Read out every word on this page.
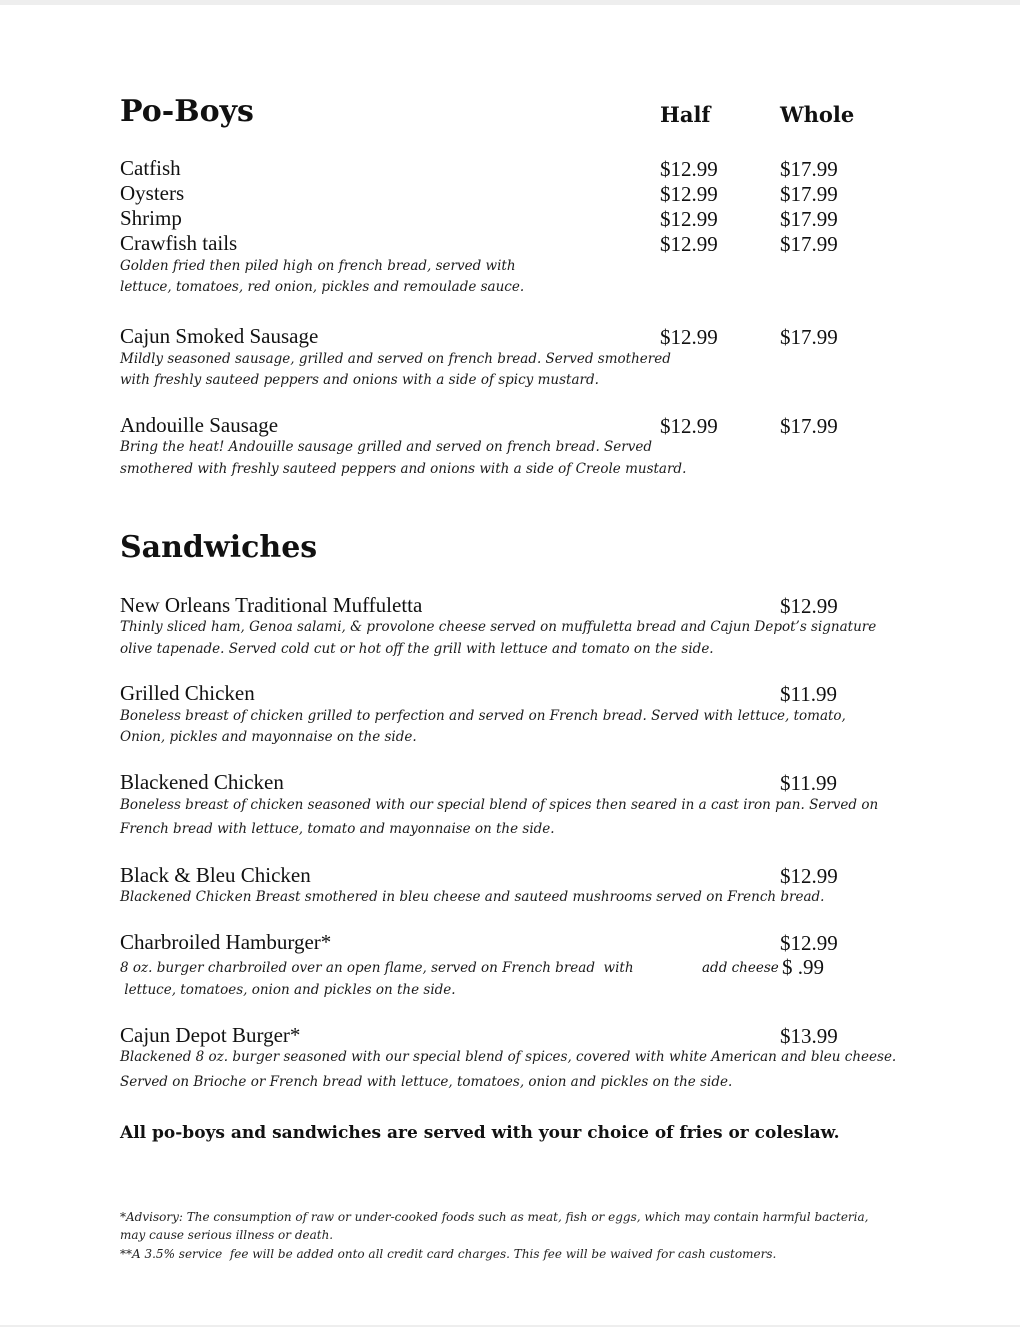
Po-Boys	Half	Whole
Catfish	$12.99	$17.99
Oysters	$12.99	$17.99
Shrimp	$12.99	$17.99
Crawfish tails	$12.99	$17.99
Golden fried then piled high on french bread, served with
lettuce, tomatoes, red onion, pickles and remoulade sauce.
Cajun Smoked Sausage	$12.99	$17.99
Mildly seasoned sausage, grilled and served on french bread. Served smothered
with freshly sauteed peppers and onions with a side of spicy mustard.
Andouille Sausage	$12.99	$17.99
Bring the heat! Andouille sausage grilled and served on french bread. Served
smothered with freshly sauteed peppers and onions with a side of Creole mustard.
Sandwiches
New Orleans Traditional Muffuletta	$12.99
Thinly sliced ham, Genoa salami, & provolone cheese served on muffuletta bread and Cajun Depot’s signature
olive tapenade. Served cold cut or hot off the grill with lettuce and tomato on the side.
Grilled Chicken	$11.99
Boneless breast of chicken grilled to perfection and served on French bread. Served with lettuce, tomato,
Onion, pickles and mayonnaise on the side.
Blackened Chicken	$11.99
Boneless breast of chicken seasoned with our special blend of spices then seared in a cast iron pan. Served on
French bread with lettuce, tomato and mayonnaise on the side.
Black & Bleu Chicken	$12.99
Blackened Chicken Breast smothered in bleu cheese and sauteed mushrooms served on French bread.
Charbroiled Hamburger*	$12.99
8 oz. burger charbroiled over an open flame, served on French bread  with
lettuce, tomatoes, onion and pickles on the side.
add cheese $ .99
Cajun Depot Burger*	$13.99
Blackened 8 oz. burger seasoned with our special blend of spices, covered with white American and bleu cheese.
Served on Brioche or French bread with lettuce, tomatoes, onion and pickles on the side.
All po-boys and sandwiches are served with your choice of fries or coleslaw.
*Advisory: The consumption of raw or under-cooked foods such as meat, fish or eggs, which may contain harmful bacteria,
may cause serious illness or death.
**A 3.5% service  fee will be added onto all credit card charges. This fee will be waived for cash customers.
